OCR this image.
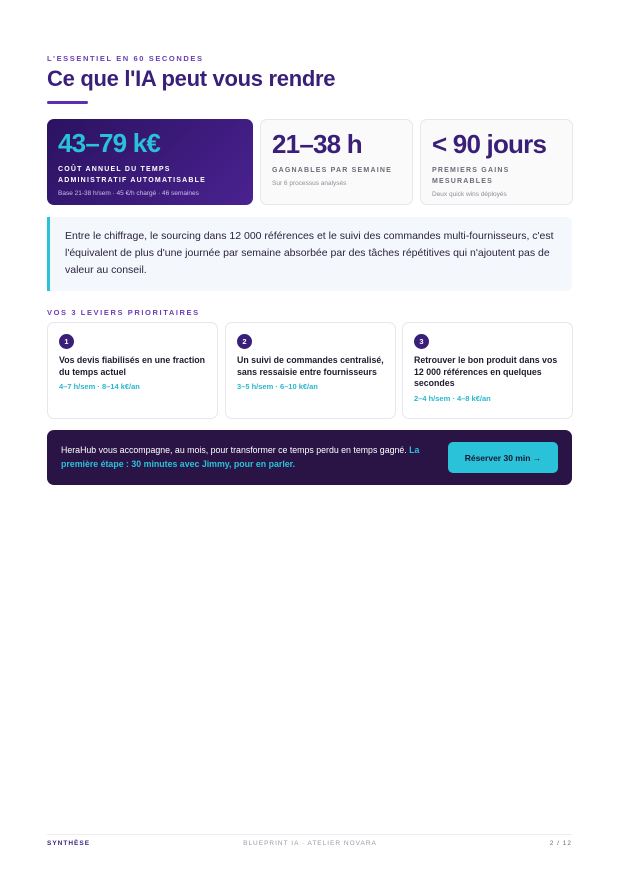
L'ESSENTIEL EN 60 SECONDES
Ce que l'IA peut vous rendre
43–79 k€
COÛT ANNUEL DU TEMPS ADMINISTRATIF AUTOMATISABLE
Base 21-38 h/sem · 45 €/h chargé · 46 semaines
21–38 h
GAGNABLES PAR SEMAINE
Sur 6 processus analysés
< 90 jours
PREMIERS GAINS MESURABLES
Deux quick wins déployés
Entre le chiffrage, le sourcing dans 12 000 références et le suivi des commandes multi-fournisseurs, c'est l'équivalent de plus d'une journée par semaine absorbée par des tâches répétitives qui n'ajoutent pas de valeur au conseil.
VOS 3 LEVIERS PRIORITAIRES
1
Vos devis fiabilisés en une fraction du temps actuel
4–7 h/sem · 8–14 k€/an
2
Un suivi de commandes centralisé, sans ressaisie entre fournisseurs
3–5 h/sem · 6–10 k€/an
3
Retrouver le bon produit dans vos 12 000 références en quelques secondes
2–4 h/sem · 4–8 k€/an
HeraHub vous accompagne, au mois, pour transformer ce temps perdu en temps gagné. La première étape : 30 minutes avec Jimmy, pour en parler.
Réserver 30 min →
SYNTHÈSE	BLUEPRINT IA · ATELIER NOVARA	2 / 12
